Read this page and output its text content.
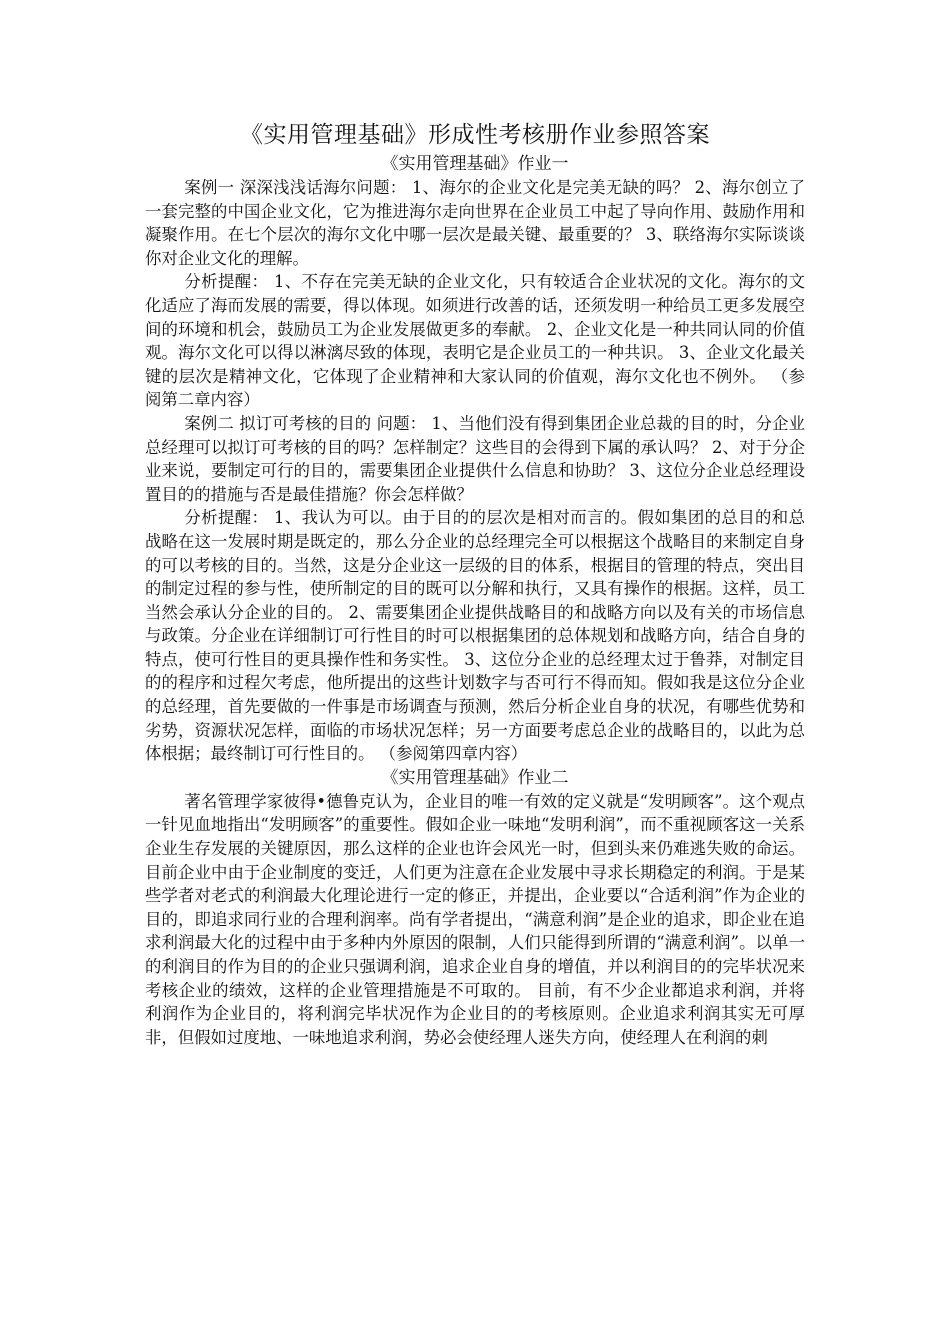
《实用管理基础》形成性考核册作业参照答案
《实用管理基础》作业一

案例一 深深浅浅话海尔问题： 1、海尔的企业文化是完美无缺的吗？ 2、海尔创立了一套完整的中国企业文化，它为推进海尔走向世界在企业员工中起了导向作用、鼓励作用和凝聚作用。在七个层次的海尔文化中哪一层次是最关键、最重要的？ 3、联络海尔实际谈谈你对企业文化的理解。

分析提醒： 1、不存在完美无缺的企业文化，只有较适合企业状况的文化。海尔的文化适应了海而发展的需要，得以体现。如须进行改善的话，还须发明一种给员工更多发展空间的环境和机会，鼓励员工为企业发展做更多的奉献。 2、企业文化是一种共同认同的价值观。海尔文化可以得以淋漓尽致的体现，表明它是企业员工的一种共识。 3、企业文化最关键的层次是精神文化，它体现了企业精神和大家认同的价值观，海尔文化也不例外。 （参阅第二章内容）

案例二 拟订可考核的目的 问题： 1、当他们没有得到集团企业总裁的目的时，分企业总经理可以拟订可考核的目的吗？怎样制定？这些目的会得到下属的承认吗？ 2、对于分企业来说，要制定可行的目的，需要集团企业提供什么信息和协助？ 3、这位分企业总经理设置目的的措施与否是最佳措施？你会怎样做？

分析提醒： 1、我认为可以。由于目的的层次是相对而言的。假如集团的总目的和总战略在这一发展时期是既定的，那么分企业的总经理完全可以根据这个战略目的来制定自身的可以考核的目的。当然，这是分企业这一层级的目的体系，根据目的管理的特点，突出目的制定过程的参与性，使所制定的目的既可以分解和执行，又具有操作的根据。这样，员工当然会承认分企业的目的。 2、需要集团企业提供战略目的和战略方向以及有关的市场信息与政策。分企业在详细制订可行性目的时可以根据集团的总体规划和战略方向，结合自身的特点，使可行性目的更具操作性和务实性。 3、这位分企业的总经理太过于鲁莽，对制定目的的程序和过程欠考虑，他所提出的这些计划数字与否可行不得而知。假如我是这位分企业的总经理，首先要做的一件事是市场调查与预测，然后分析企业自身的状况，有哪些优势和劣势，资源状况怎样，面临的市场状况怎样；另一方面要考虑总企业的战略目的，以此为总体根据；最终制订可行性目的。 （参阅第四章内容）

《实用管理基础》作业二

著名管理学家彼得•德鲁克认为，企业目的唯一有效的定义就是“发明顾客”。这个观点一针见血地指出“发明顾客”的重要性。假如企业一味地“发明利润”，而不重视顾客这一关系企业生存发展的关键原因，那么这样的企业也许会风光一时，但到头来仍难逃失败的命运。 目前企业中由于企业制度的变迁，人们更为注意在企业发展中寻求长期稳定的利润。于是某些学者对老式的利润最大化理论进行一定的修正，并提出，企业要以“合适利润”作为企业的目的，即追求同行业的合理利润率。尚有学者提出，“满意利润”是企业的追求，即企业在追求利润最大化的过程中由于多种内外原因的限制，人们只能得到所谓的“满意利润”。以单一的利润目的作为目的的企业只强调利润，追求企业自身的增值，并以利润目的的完毕状况来考核企业的绩效，这样的企业管理措施是不可取的。 目前，有不少企业都追求利润，并将利润作为企业目的，将利润完毕状况作为企业目的的考核原则。企业追求利润其实无可厚非，但假如过度地、一味地追求利润，势必会使经理人迷失方向，使经理人在利润的刺
